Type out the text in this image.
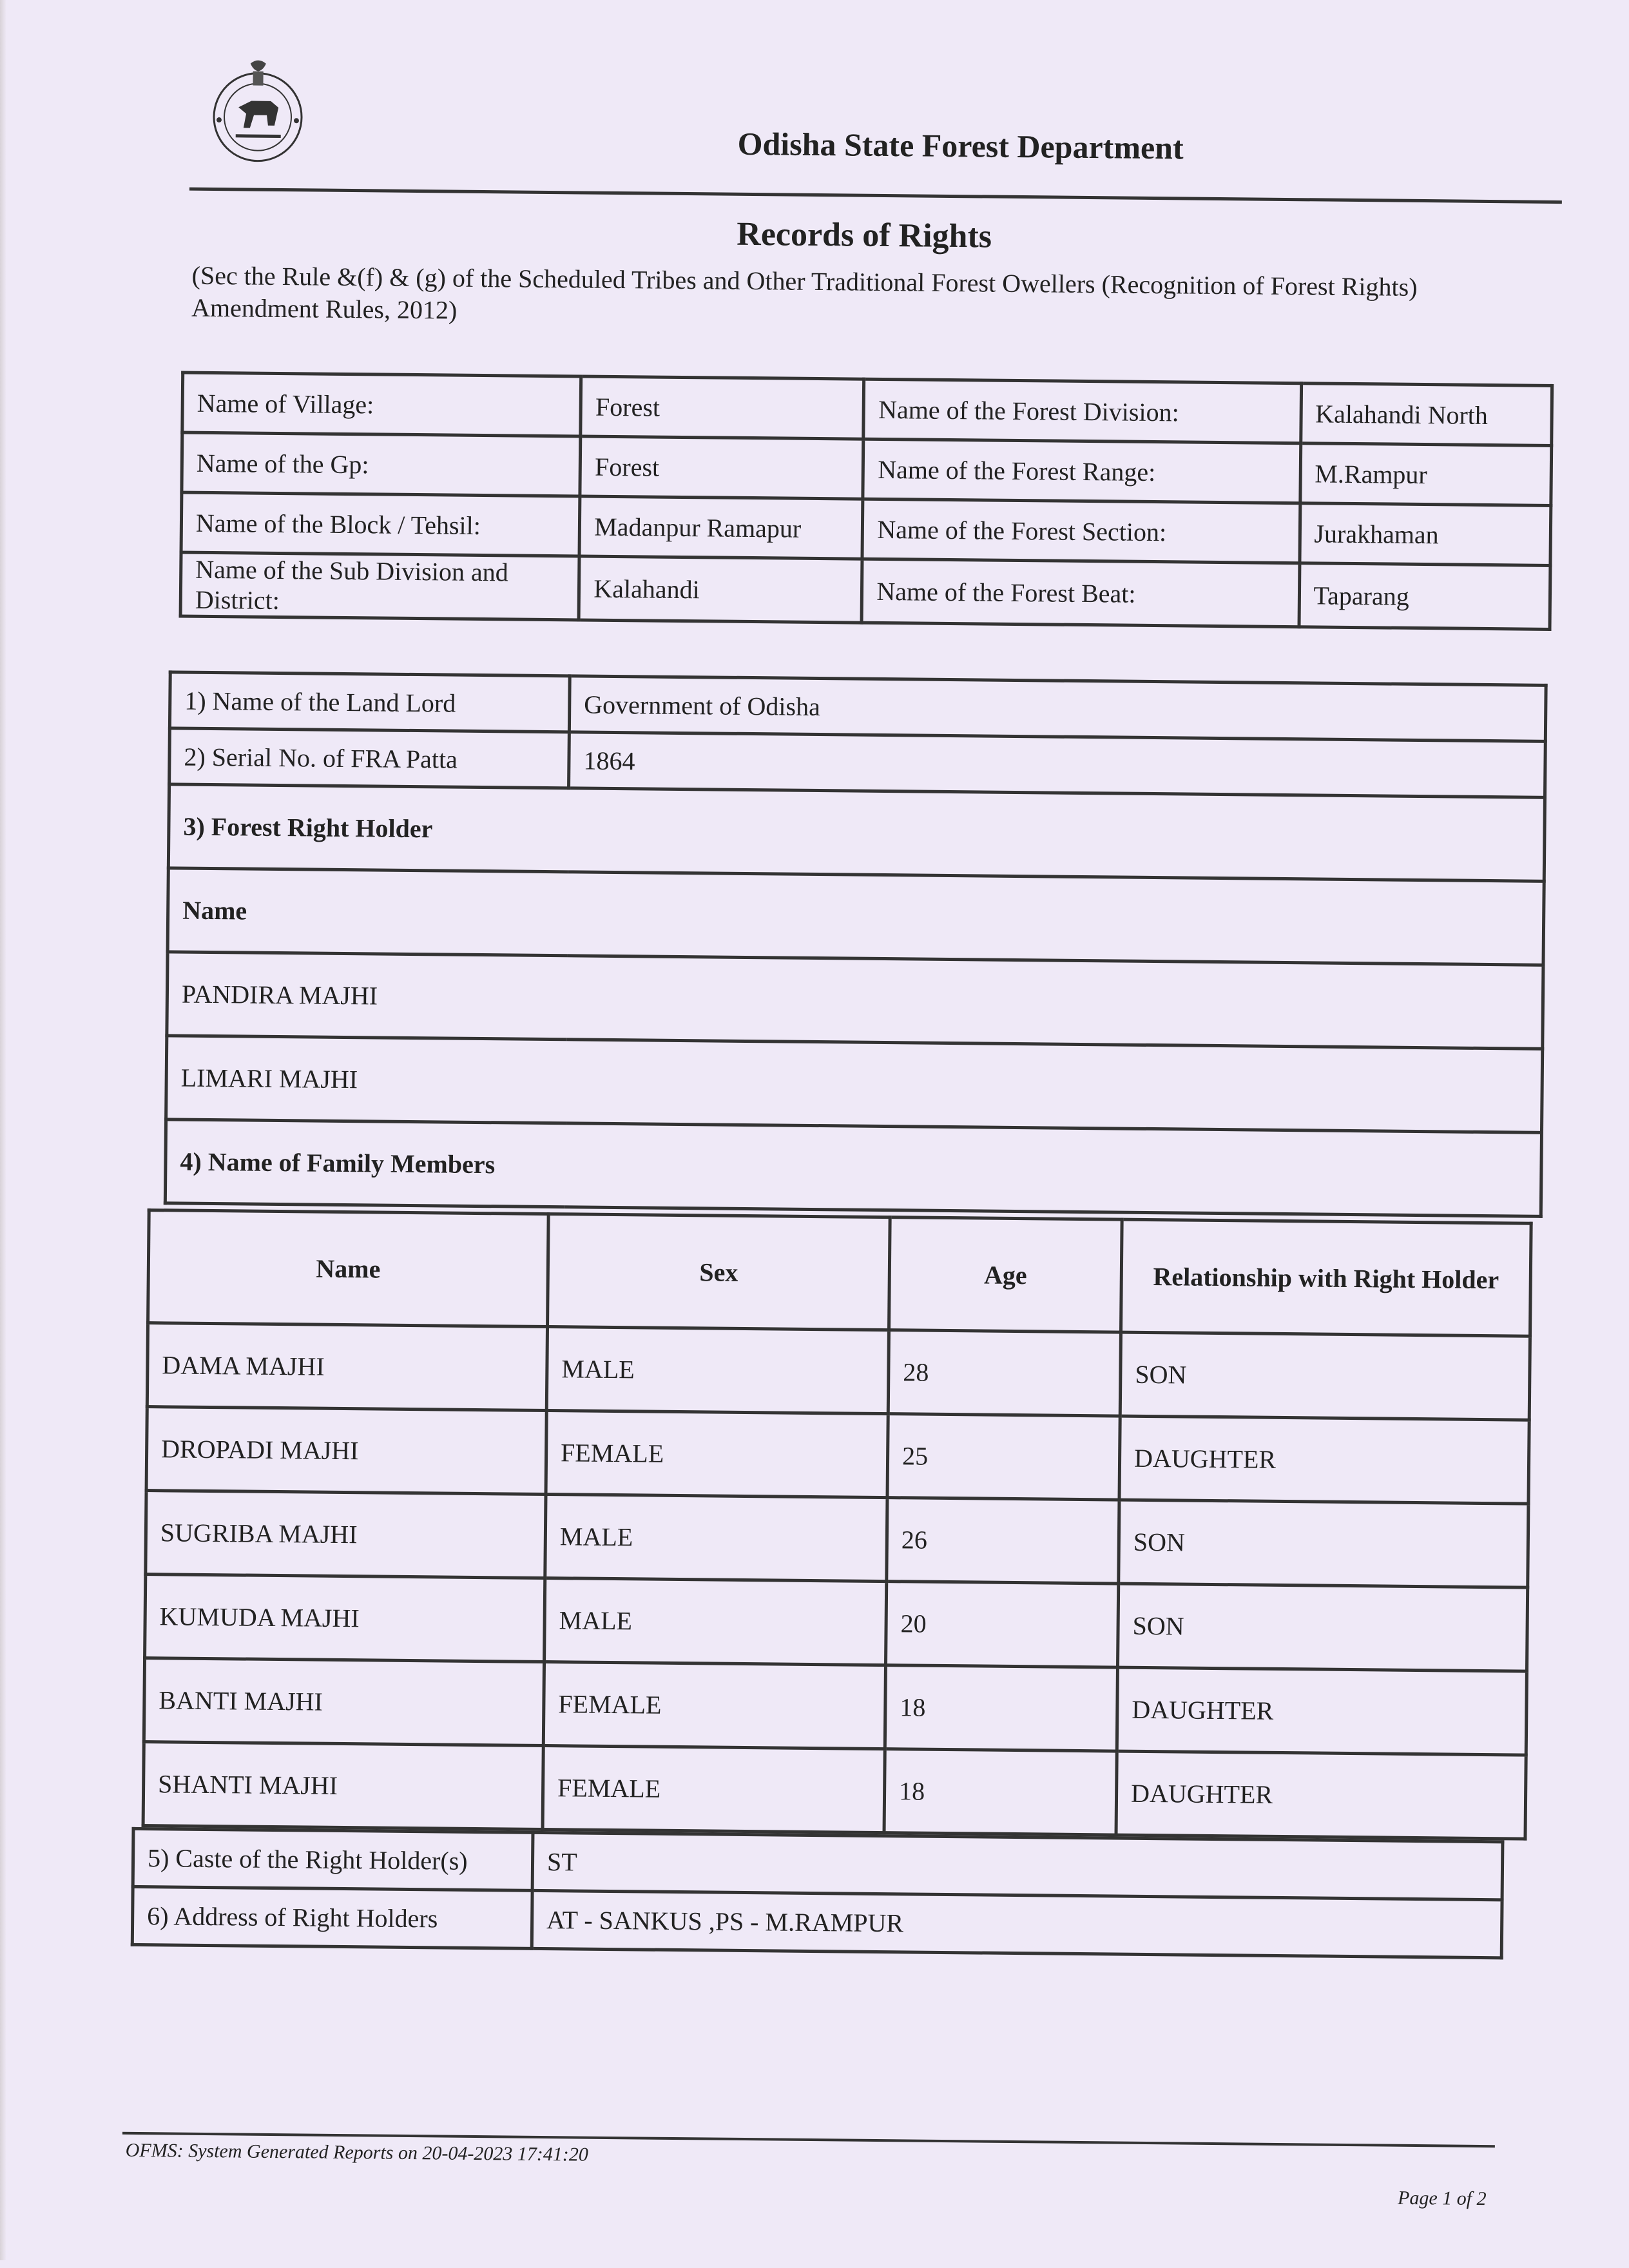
Odisha State Forest Department
Records of Rights
(Sec the Rule &(f) & (g) of the Scheduled Tribes and Other Traditional Forest Owellers (Recognition of Forest Rights) Amendment Rules, 2012)
Name of Village:	Forest	Name of the Forest Division:	Kalahandi North
Name of the Gp:	Forest	Name of the Forest Range:	M.Rampur
Name of the Block / Tehsil:	Madanpur Ramapur	Name of the Forest Section:	Jurakhaman
Name of the Sub Division and District:	Kalahandi	Name of the Forest Beat:	Taparang
1) Name of the Land Lord	Government of Odisha
2) Serial No. of FRA Patta	1864
3) Forest Right Holder	
Name	
PANDIRA MAJHI	
LIMARI MAJHI	
4) Name of Family Members	
Name	Sex	Age	Relationship with Right Holder
DAMA MAJHI	MALE	28	SON
DROPADI MAJHI	FEMALE	25	DAUGHTER
SUGRIBA MAJHI	MALE	26	SON
KUMUDA MAJHI	MALE	20	SON
BANTI MAJHI	FEMALE	18	DAUGHTER
SHANTI MAJHI	FEMALE	18	DAUGHTER
5) Caste of the Right Holder(s)	ST
6) Address of Right Holders	AT - SANKUS ,PS - M.RAMPUR
OFMS: System Generated Reports on 20-04-2023 17:41:20
Page 1 of 2
